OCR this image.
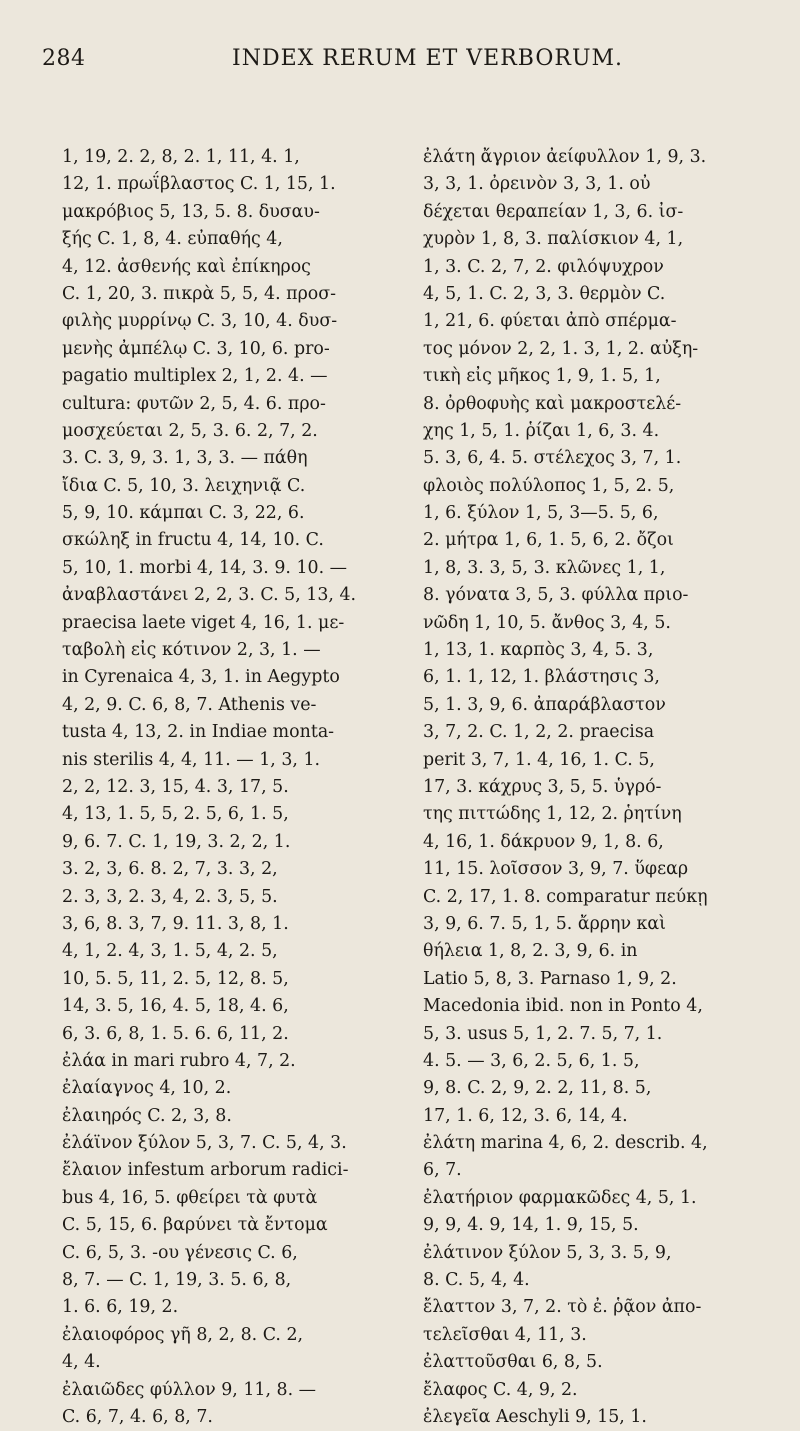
284	INDEX RERUM ET VERBORUM.
1, 19, 2. 2, 8, 2. 1, 11, 4. 1,
12, 1. πρωΐβλαστος C. 1, 15, 1.
μακρόβιος 5, 13, 5. 8. δυσαυ-
ξής C. 1, 8, 4. εὐπαθής 4,
4, 12. ἀσθενής καὶ ἐπίκηρος
C. 1, 20, 3. πικρὰ 5, 5, 4. προσ-
φιλὴς μυρρίνῳ C. 3, 10, 4. δυσ-
μενὴς ἀμπέλῳ C. 3, 10, 6. pro-
pagatio multiplex 2, 1, 2. 4. —
cultura: φυτῶν 2, 5, 4. 6. προ-
μοσχεύεται 2, 5, 3. 6. 2, 7, 2.
3. C. 3, 9, 3. 1, 3, 3. — πάθη
ἴδια C. 5, 10, 3. λειχηνιᾷ C.
5, 9, 10. κάμπαι C. 3, 22, 6.
σκώληξ in fructu 4, 14, 10. C.
5, 10, 1. morbi 4, 14, 3. 9. 10. —
ἀναβλαστάνει 2, 2, 3. C. 5, 13, 4.
praecisa laete viget 4, 16, 1. με-
ταβολὴ εἰς κότινον 2, 3, 1. —
in Cyrenaica 4, 3, 1. in Aegypto
4, 2, 9. C. 6, 8, 7. Athenis ve-
tusta 4, 13, 2. in Indiae monta-
nis sterilis 4, 4, 11. — 1, 3, 1.
2, 2, 12. 3, 15, 4. 3, 17, 5.
4, 13, 1. 5, 5, 2. 5, 6, 1. 5,
9, 6. 7. C. 1, 19, 3. 2, 2, 1.
3. 2, 3, 6. 8. 2, 7, 3. 3, 2,
2. 3, 3, 2. 3, 4, 2. 3, 5, 5.
3, 6, 8. 3, 7, 9. 11. 3, 8, 1.
4, 1, 2. 4, 3, 1. 5, 4, 2. 5,
10, 5. 5, 11, 2. 5, 12, 8. 5,
14, 3. 5, 16, 4. 5, 18, 4. 6,
6, 3. 6, 8, 1. 5. 6. 6, 11, 2.
ἐλάα in mari rubro 4, 7, 2.
ἐλαίαγνος 4, 10, 2.
ἐλαιηρός C. 2, 3, 8.
ἐλάϊνον ξύλον 5, 3, 7. C. 5, 4, 3.
ἔλαιον infestum arborum radici-
bus 4, 16, 5. φθείρει τὰ φυτὰ
C. 5, 15, 6. βαρύνει τὰ ἔντομα
C. 6, 5, 3. -ου γένεσις C. 6,
8, 7. — C. 1, 19, 3. 5. 6, 8,
1. 6. 6, 19, 2.
ἐλαιοφόρος γῆ 8, 2, 8. C. 2,
4, 4.
ἐλαιῶδες φύλλον 9, 11, 8. —
C. 6, 7, 4. 6, 8, 7.
ἐλάτη ἄγριον ἀείφυλλον 1, 9, 3.
3, 3, 1. ὀρεινὸν 3, 3, 1. οὐ
δέχεται θεραπείαν 1, 3, 6. ἰσ-
χυρὸν 1, 8, 3. παλίσκιον 4, 1,
1, 3. C. 2, 7, 2. φιλόψυχρον
4, 5, 1. C. 2, 3, 3. θερμὸν C.
1, 21, 6. φύεται ἀπὸ σπέρμα-
τος μόνον 2, 2, 1. 3, 1, 2. αὐξη-
τικὴ εἰς μῆκος 1, 9, 1. 5, 1,
8. ὀρθοφυὴς καὶ μακροστελέ-
χης 1, 5, 1. ῥίζαι 1, 6, 3. 4.
5. 3, 6, 4. 5. στέλεχος 3, 7, 1.
φλοιὸς πολύλοπος 1, 5, 2. 5,
1, 6. ξύλον 1, 5, 3—5. 5, 6,
2. μήτρα 1, 6, 1. 5, 6, 2. ὄζοι
1, 8, 3. 3, 5, 3. κλῶνες 1, 1,
8. γόνατα 3, 5, 3. φύλλα πριο-
νῶδη 1, 10, 5. ἄνθος 3, 4, 5.
1, 13, 1. καρπὸς 3, 4, 5. 3,
6, 1. 1, 12, 1. βλάστησις 3,
5, 1. 3, 9, 6. ἀπαράβλαστον
3, 7, 2. C. 1, 2, 2. praecisa
perit 3, 7, 1. 4, 16, 1. C. 5,
17, 3. κάχρυς 3, 5, 5. ὑγρό-
της πιττώδης 1, 12, 2. ῥητίνη
4, 16, 1. δάκρυον 9, 1, 8. 6,
11, 15. λοῖσσον 3, 9, 7. ὕφεαρ
C. 2, 17, 1. 8. comparatur πεύκῃ
3, 9, 6. 7. 5, 1, 5. ἄρρην καὶ
θήλεια 1, 8, 2. 3, 9, 6. in
Latio 5, 8, 3. Parnaso 1, 9, 2.
Macedonia ibid. non in Ponto 4,
5, 3. usus 5, 1, 2. 7. 5, 7, 1.
4. 5. — 3, 6, 2. 5, 6, 1. 5,
9, 8. C. 2, 9, 2. 2, 11, 8. 5,
17, 1. 6, 12, 3. 6, 14, 4.
ἐλάτη marina 4, 6, 2. describ. 4,
6, 7.
ἐλατήριον φαρμακῶδες 4, 5, 1.
9, 9, 4. 9, 14, 1. 9, 15, 5.
ἐλάτινον ξύλον 5, 3, 3. 5, 9,
8. C. 5, 4, 4.
ἔλαττον 3, 7, 2. τὸ ἐ. ῥᾷον ἀπο-
τελεῖσθαι 4, 11, 3.
ἐλαττοῦσθαι 6, 8, 5.
ἔλαφος C. 4, 9, 2.
ἐλεγεῖα Aeschyli 9, 15, 1.
